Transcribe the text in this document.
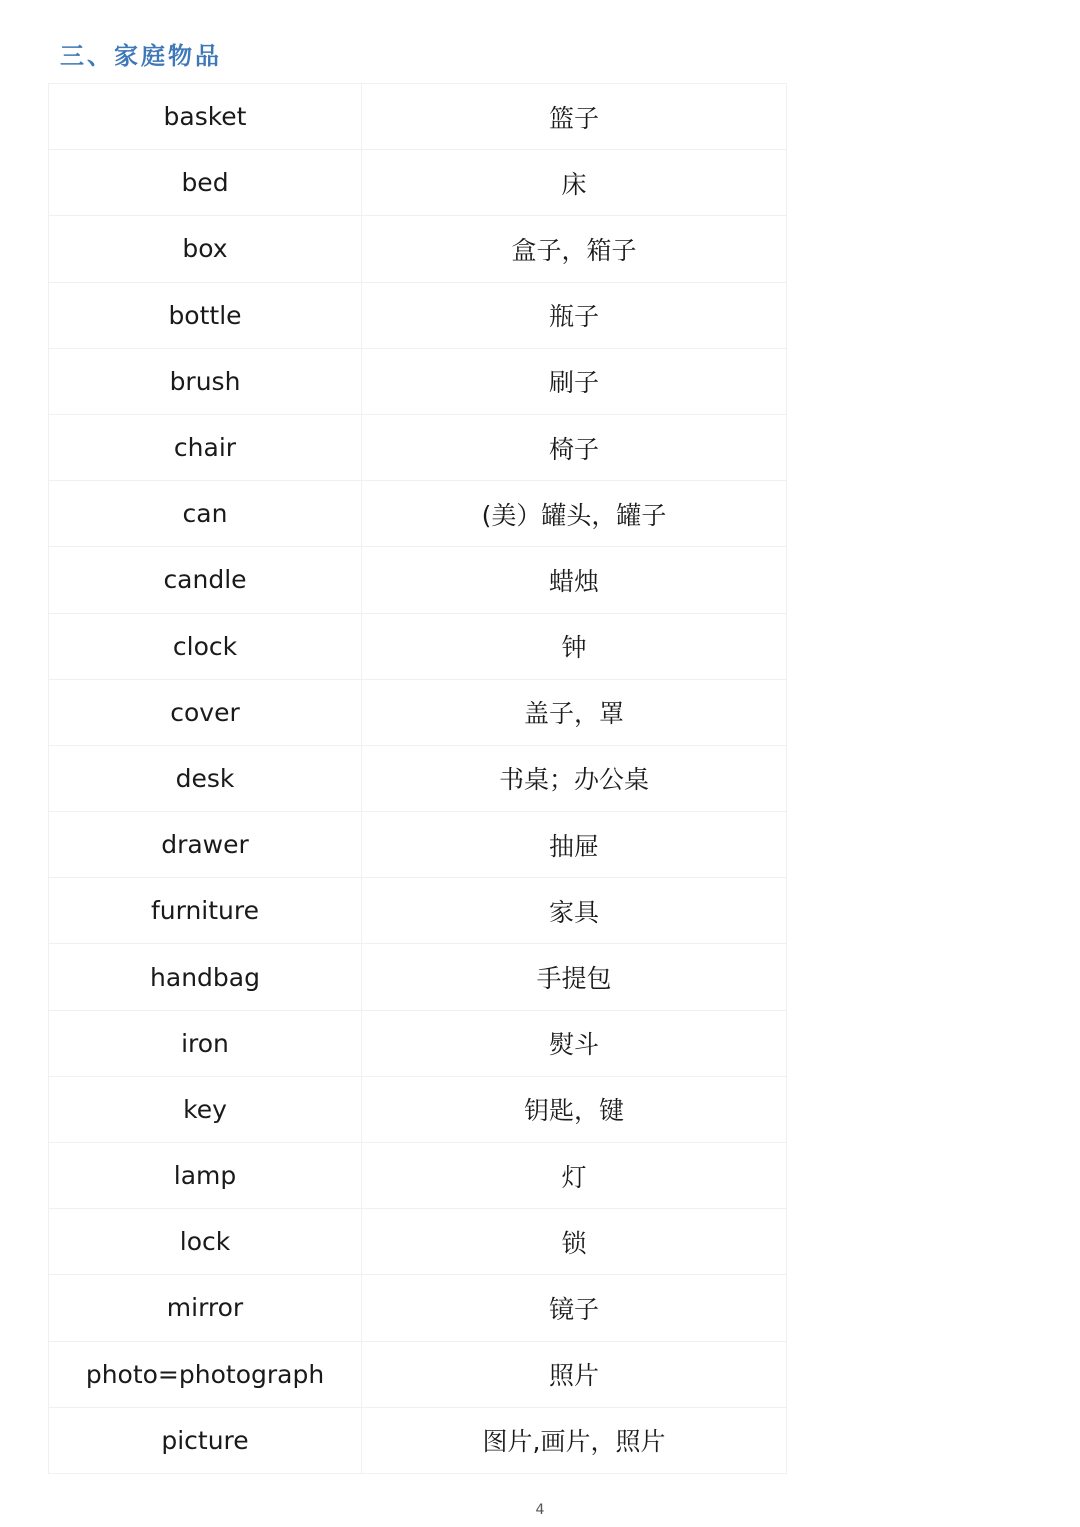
三、家庭物品
basket	篮子
bed	床
box	盒子，箱子
bottle	瓶子
brush	刷子
chair	椅子
can	(美）罐头，罐子
candle	蜡烛
clock	钟
cover	盖子，罩
desk	书桌；办公桌
drawer	抽屉
furniture	家具
handbag	手提包
iron	熨斗
key	钥匙，键
lamp	灯
lock	锁
mirror	镜子
photo=photograph	照片
picture	图片,画片，照片
4
